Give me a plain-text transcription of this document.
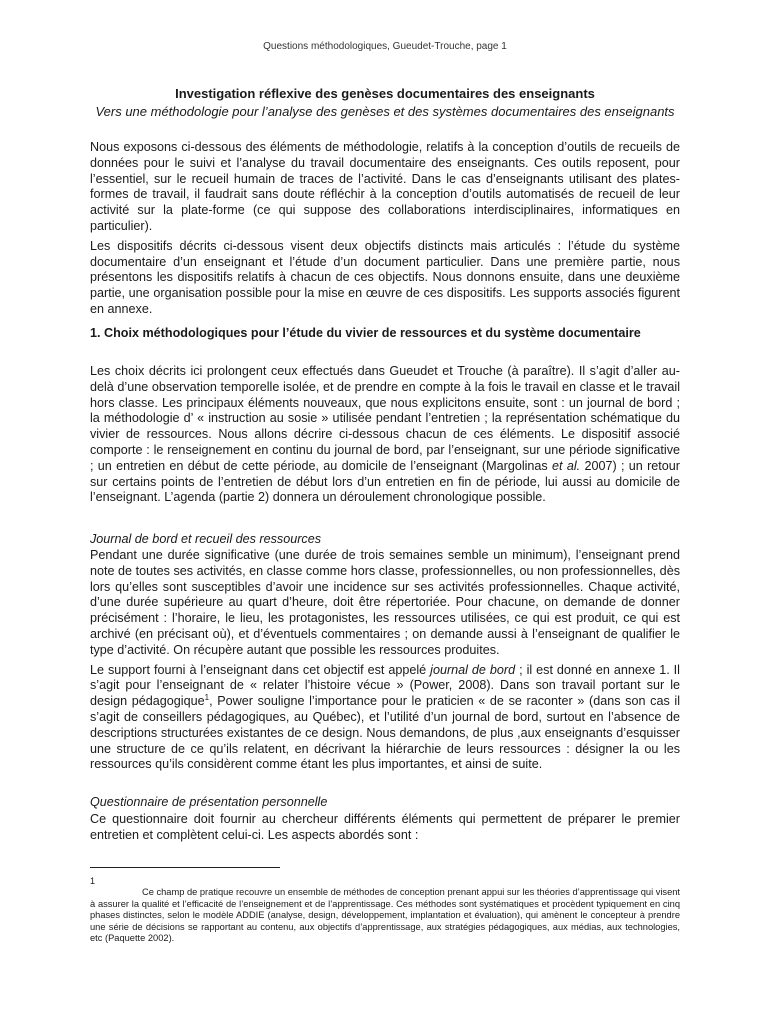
Questions méthodologiques, Gueudet-Trouche, page 1
Investigation réflexive des genèses documentaires des enseignants
Vers une méthodologie pour l’analyse des genèses et des systèmes documentaires des enseignants

Nous exposons ci-dessous des éléments de méthodologie, relatifs à la conception d’outils de recueils de données pour le suivi et l’analyse du travail documentaire des enseignants. Ces outils reposent, pour l’essentiel, sur le recueil humain de traces de l’activité. Dans le cas d’enseignants utilisant des plates-formes de travail, il faudrait sans doute réfléchir à la conception d’outils automatisés de recueil de leur activité sur la plate-forme (ce qui suppose des collaborations interdisciplinaires, informatiques en particulier).

Les dispositifs décrits ci-dessous visent deux objectifs distincts mais articulés : l’étude du système documentaire d’un enseignant et l’étude d’un document particulier. Dans une première partie, nous présentons les dispositifs relatifs à chacun de ces objectifs. Nous donnons ensuite, dans une deuxième partie, une organisation possible pour la mise en œuvre de ces dispositifs. Les supports associés figurent en annexe.

1. Choix méthodologiques pour l’étude du vivier de ressources et du système documentaire

Les choix décrits ici prolongent ceux effectués dans Gueudet et Trouche (à paraître). Il s’agit d’aller au-delà d’une observation temporelle isolée, et de prendre en compte à la fois le travail en classe et le travail hors classe. Les principaux éléments nouveaux, que nous explicitons ensuite, sont : un journal de bord ; la méthodologie d’ « instruction au sosie » utilisée pendant l’entretien ; la représentation schématique du vivier de ressources. Nous allons décrire ci-dessous chacun de ces éléments. Le dispositif associé comporte : le renseignement en continu du journal de bord, par l’enseignant, sur une période significative ; un entretien en début de cette période, au domicile de l’enseignant (Margolinas et al. 2007) ; un retour sur certains points de l’entretien de début lors d’un entretien en fin de période, lui aussi au domicile de l’enseignant. L’agenda (partie 2) donnera un déroulement chronologique possible.

Journal de bord et recueil des ressources

Pendant une durée significative (une durée de trois semaines semble un minimum), l’enseignant prend note de toutes ses activités, en classe comme hors classe, professionnelles, ou non professionnelles, dès lors qu’elles sont susceptibles d’avoir une incidence sur ses activités professionnelles. Chaque activité, d’une durée supérieure au quart d’heure, doit être répertoriée. Pour chacune, on demande de donner précisément : l’horaire, le lieu, les protagonistes, les ressources utilisées, ce qui est produit, ce qui est archivé (en précisant où), et d’éventuels commentaires ; on demande aussi à l’enseignant de qualifier le type d’activité. On récupère autant que possible les ressources produites.

Le support fourni à l’enseignant dans cet objectif est appelé journal de bord ; il est donné en annexe 1. Il s’agit pour l’enseignant de « relater l’histoire vécue » (Power, 2008). Dans son travail portant sur le design pédagogique$^1$, Power souligne l’importance pour le praticien « de se raconter » (dans son cas il s’agit de conseillers pédagogiques, au Québec), et l’utilité d’un journal de bord, surtout en l’absence de descriptions structurées existantes de ce design. Nous demandons, de plus ,aux enseignants d’esquisser une structure de ce qu’ils relatent, en décrivant la hiérarchie de leurs ressources : désigner la ou les ressources qu’ils considèrent comme étant les plus importantes, et ainsi de suite.

Questionnaire de présentation personnelle

Ce questionnaire doit fournir au chercheur différents éléments qui permettent de préparer le premier entretien et complètent celui-ci. Les aspects abordés sont :

1
Ce champ de pratique recouvre un ensemble de méthodes de conception prenant appui sur les théories d’apprentissage qui visent à assurer la qualité et l’efficacité de l’enseignement et de l’apprentissage. Ces méthodes sont systématiques et procèdent typiquement en cinq phases distinctes, selon le modèle ADDIE (analyse, design, développement, implantation et évaluation), qui amènent le concepteur à prendre une série de décisions se rapportant au contenu, aux objectifs d’apprentissage, aux stratégies pédagogiques, aux médias, aux technologies, etc (Paquette 2002).
